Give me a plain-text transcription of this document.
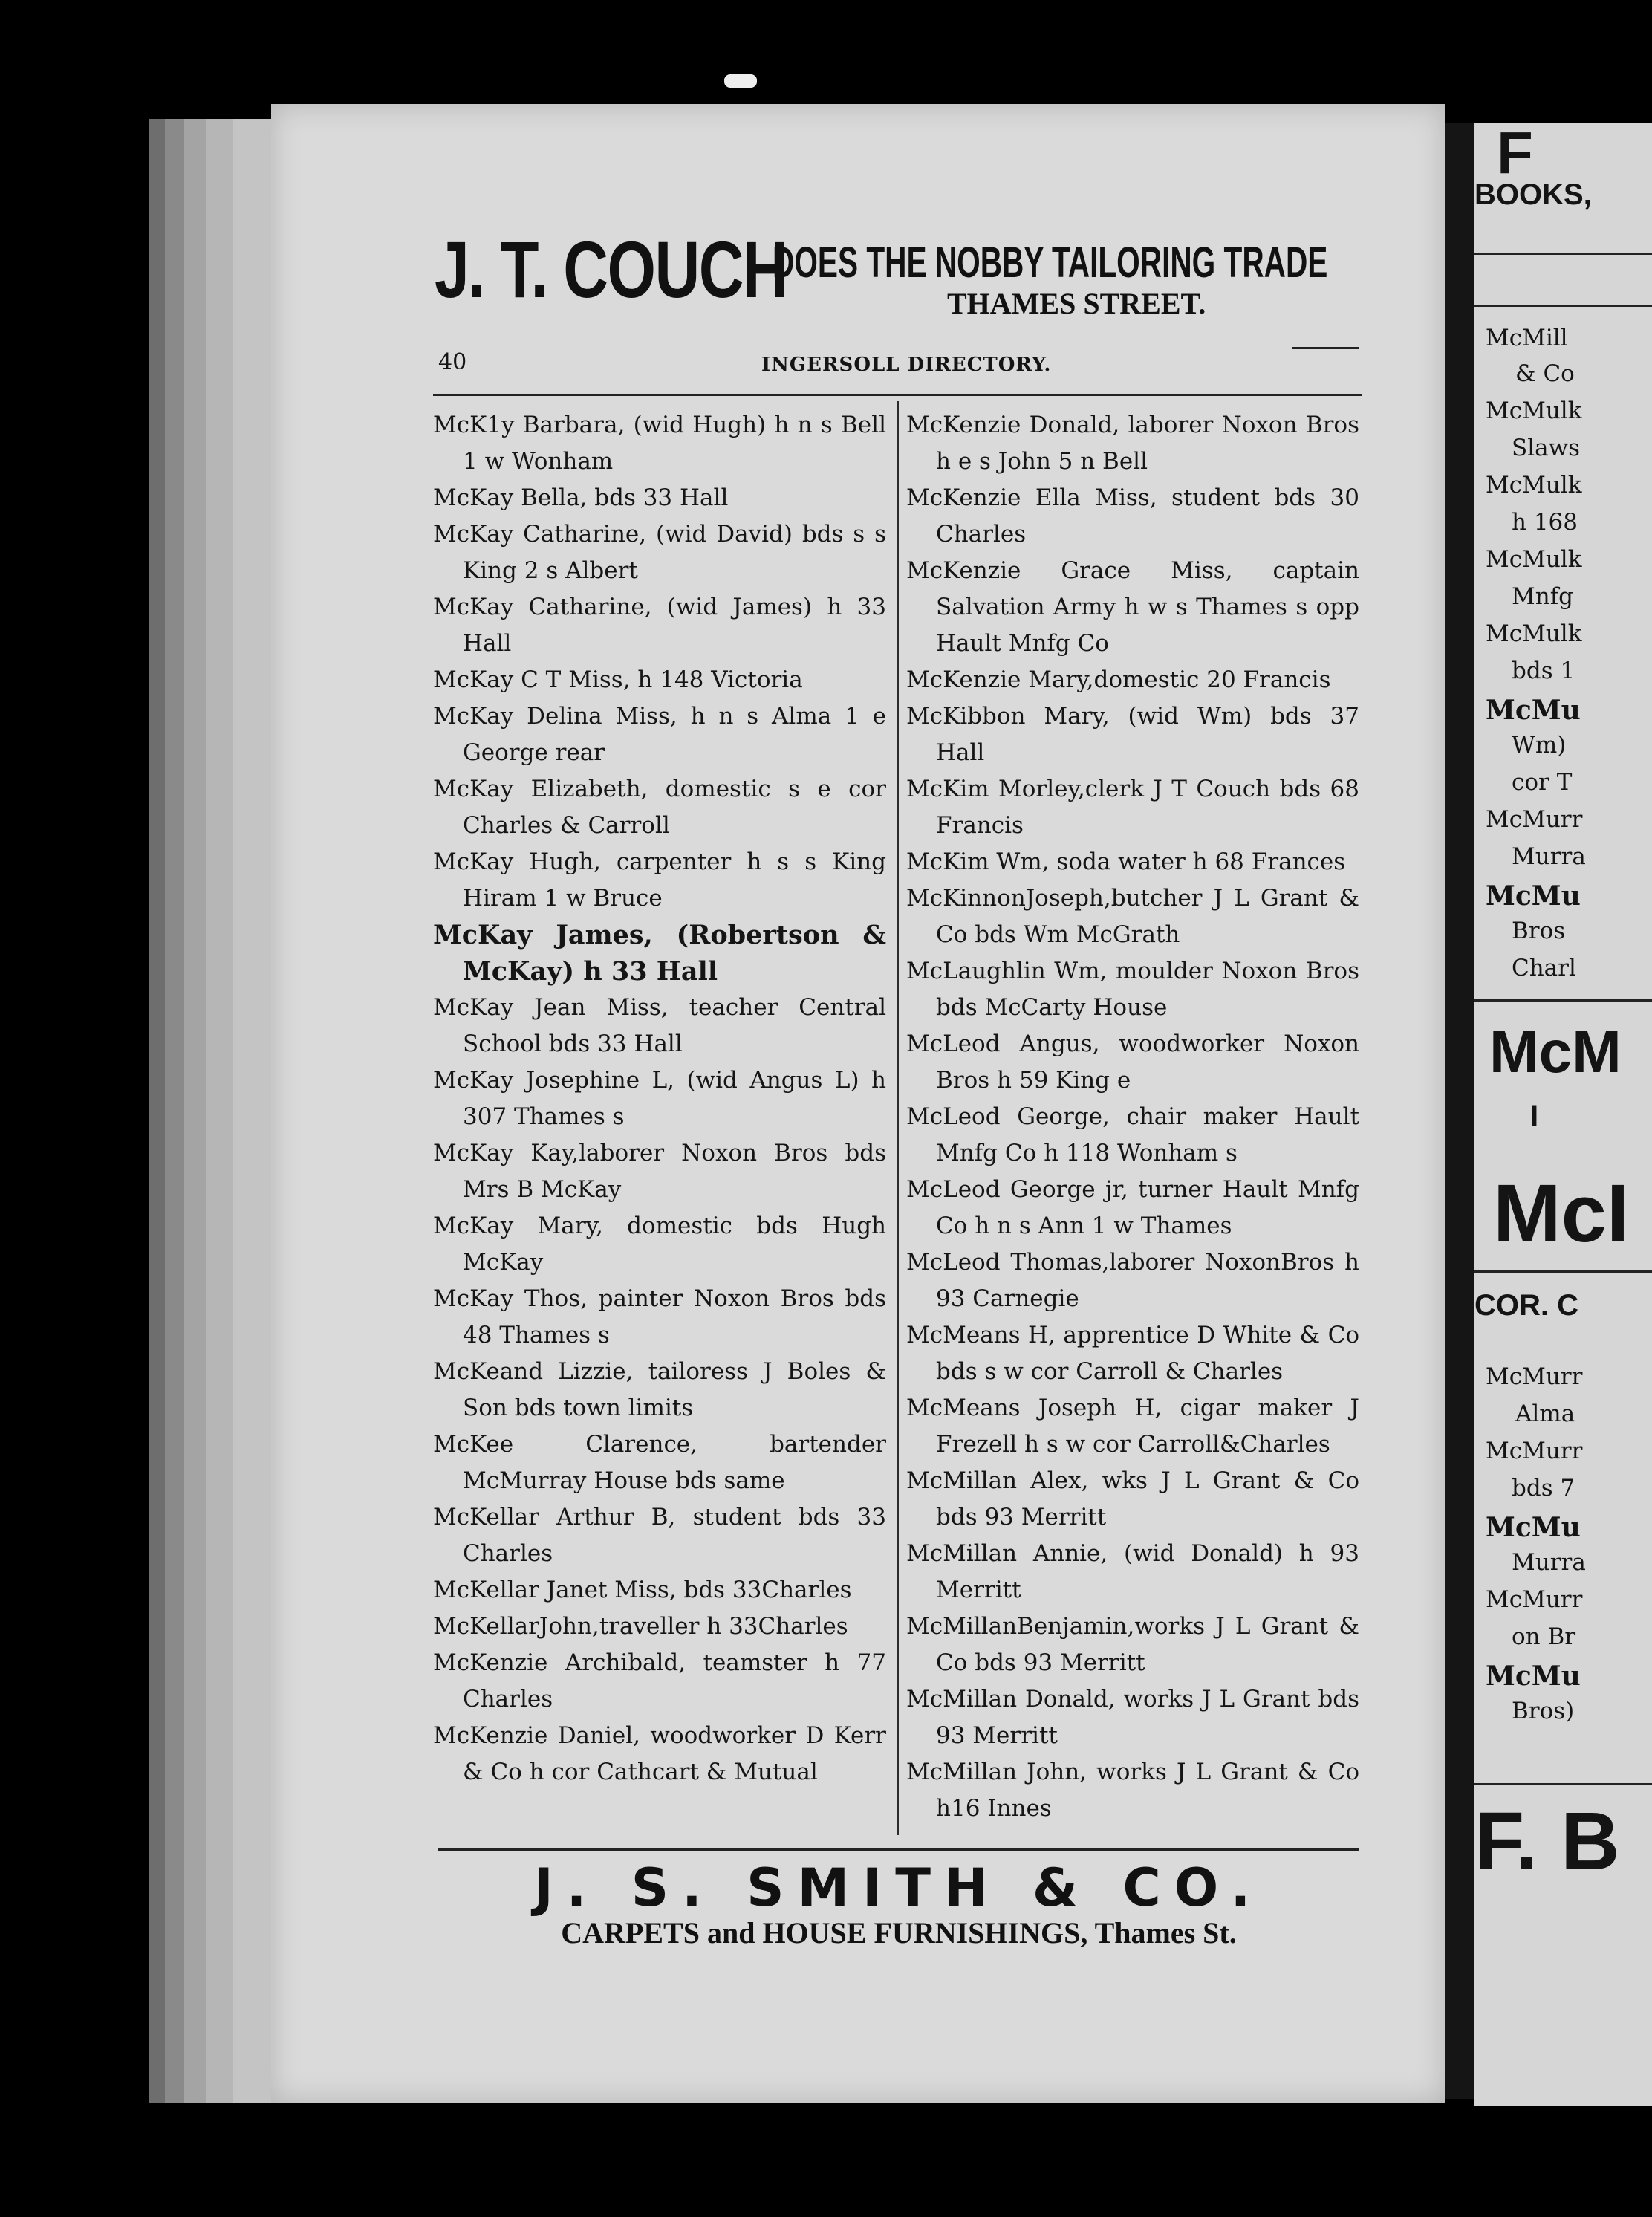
J. T. COUCH
DOES THE NOBBY TAILORING TRADE
THAMES STREET.
40	INGERSOLL DIRECTORY.
McK1y Barbara, (wid Hugh) h n s Bell 1 w Wonham
McKay Bella, bds 33 Hall
McKay Catharine, (wid David) bds s s King 2 s Albert
McKay Catharine, (wid James) h 33 Hall
McKay C T Miss, h 148 Victoria
McKay Delina Miss, h n s Alma 1 e George rear
McKay Elizabeth, domestic s e cor Charles & Carroll
McKay Hugh, carpenter h s s King Hiram 1 w Bruce
McKay James, (Robertson & McKay) h 33 Hall
McKay Jean Miss, teacher Central School bds 33 Hall
McKay Josephine L, (wid Angus L) h 307 Thames s
McKay Kay,laborer Noxon Bros bds Mrs B McKay
McKay Mary, domestic bds Hugh McKay
McKay Thos, painter Noxon Bros bds 48 Thames s
McKeand Lizzie, tailoress J Boles & Son bds town limits
McKee Clarence, bartender McMurray House bds same
McKellar Arthur B, student bds 33 Charles
McKellar Janet Miss, bds 33Charles
McKellarJohn,traveller h 33Charles
McKenzie Archibald, teamster h 77 Charles
McKenzie Daniel, woodworker D Kerr & Co h cor Cathcart & Mutual
McKenzie Donald, laborer Noxon Bros h e s John 5 n Bell
McKenzie Ella Miss, student bds 30 Charles
McKenzie Grace Miss, captain Salvation Army h w s Thames s opp Hault Mnfg Co
McKenzie Mary,domestic 20 Francis
McKibbon Mary, (wid Wm) bds 37 Hall
McKim Morley,clerk J T Couch bds 68 Francis
McKim Wm, soda water h 68 Frances
McKinnonJoseph,butcher J L Grant & Co bds Wm McGrath
McLaughlin Wm, moulder Noxon Bros bds McCarty House
McLeod Angus, woodworker Noxon Bros h 59 King e
McLeod George, chair maker Hault Mnfg Co h 118 Wonham s
McLeod George jr, turner Hault Mnfg Co h n s Ann 1 w Thames
McLeod Thomas,laborer NoxonBros h 93 Carnegie
McMeans H, apprentice D White & Co bds s w cor Carroll & Charles
McMeans Joseph H, cigar maker J Frezell h s w cor Carroll&Charles
McMillan Alex, wks J L Grant & Co bds 93 Merritt
McMillan Annie, (wid Donald) h 93 Merritt
McMillanBenjamin,works J L Grant & Co bds 93 Merritt
McMillan Donald, works J L Grant bds 93 Merritt
McMillan John, works J L Grant & Co h16 Innes
J. S. SMITH & CO.
CARPETS and HOUSE FURNISHINGS, Thames St.
F
BOOKS,
McMill
& Co
McMulk
Slaws
McMulk
h 168
McMulk
Mnfg
McMulk
bds 1
McMu
Wm)
cor T
McMurr
Murra
McMu
Bros
Charl
McM
I
McI
COR. C
McMurr
Alma
McMurr
bds 7
McMu
Murra
McMurr
on Br
McMu
Bros)
F. B
